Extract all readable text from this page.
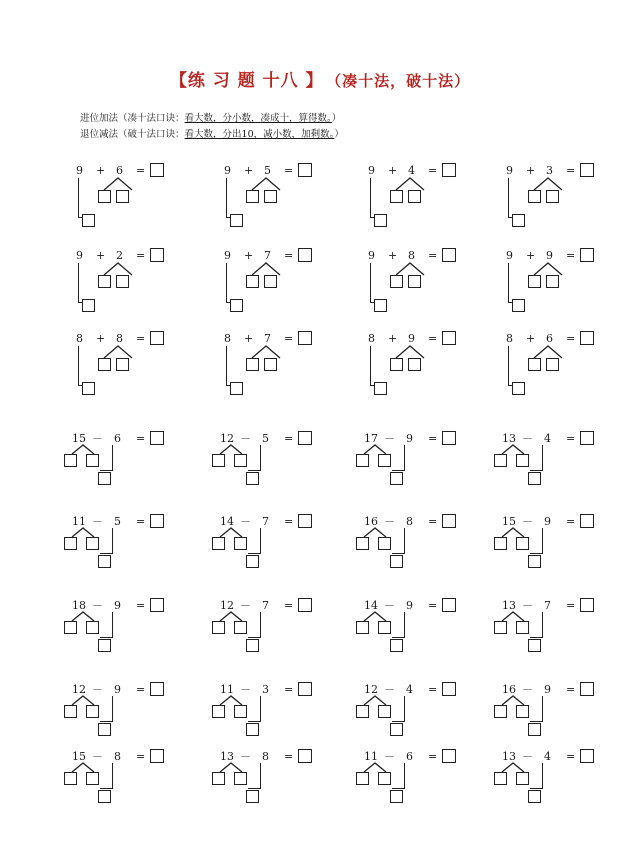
【练 习 题 十八 】 （凑十法，破十法）
进位加法（凑十法口诀：看大数，分小数，凑成十，算得数。）
退位减法（破十法口诀：看大数，分出10，减小数，加剩数。）
9 + 6 =	9 + 5 =	9 + 4 =	9 + 3 =
9 + 2 =	9 + 7 =	9 + 8 =	9 + 9 =
8 + 8 =	8 + 7 =	8 + 9 =	8 + 6 =
15 － 6 =	12 － 5 =	17 － 9 =	13 － 4 =
11 － 5 =	14 － 7 =	16 － 8 =	15 － 9 =
18 － 9 =	12 － 7 =	14 － 9 =	13 － 7 =
12 － 9 =	11 － 3 =	12 － 4 =	16 － 9 =
15 － 8 =	13 － 8 =	11 － 6 =	13 － 4 =
